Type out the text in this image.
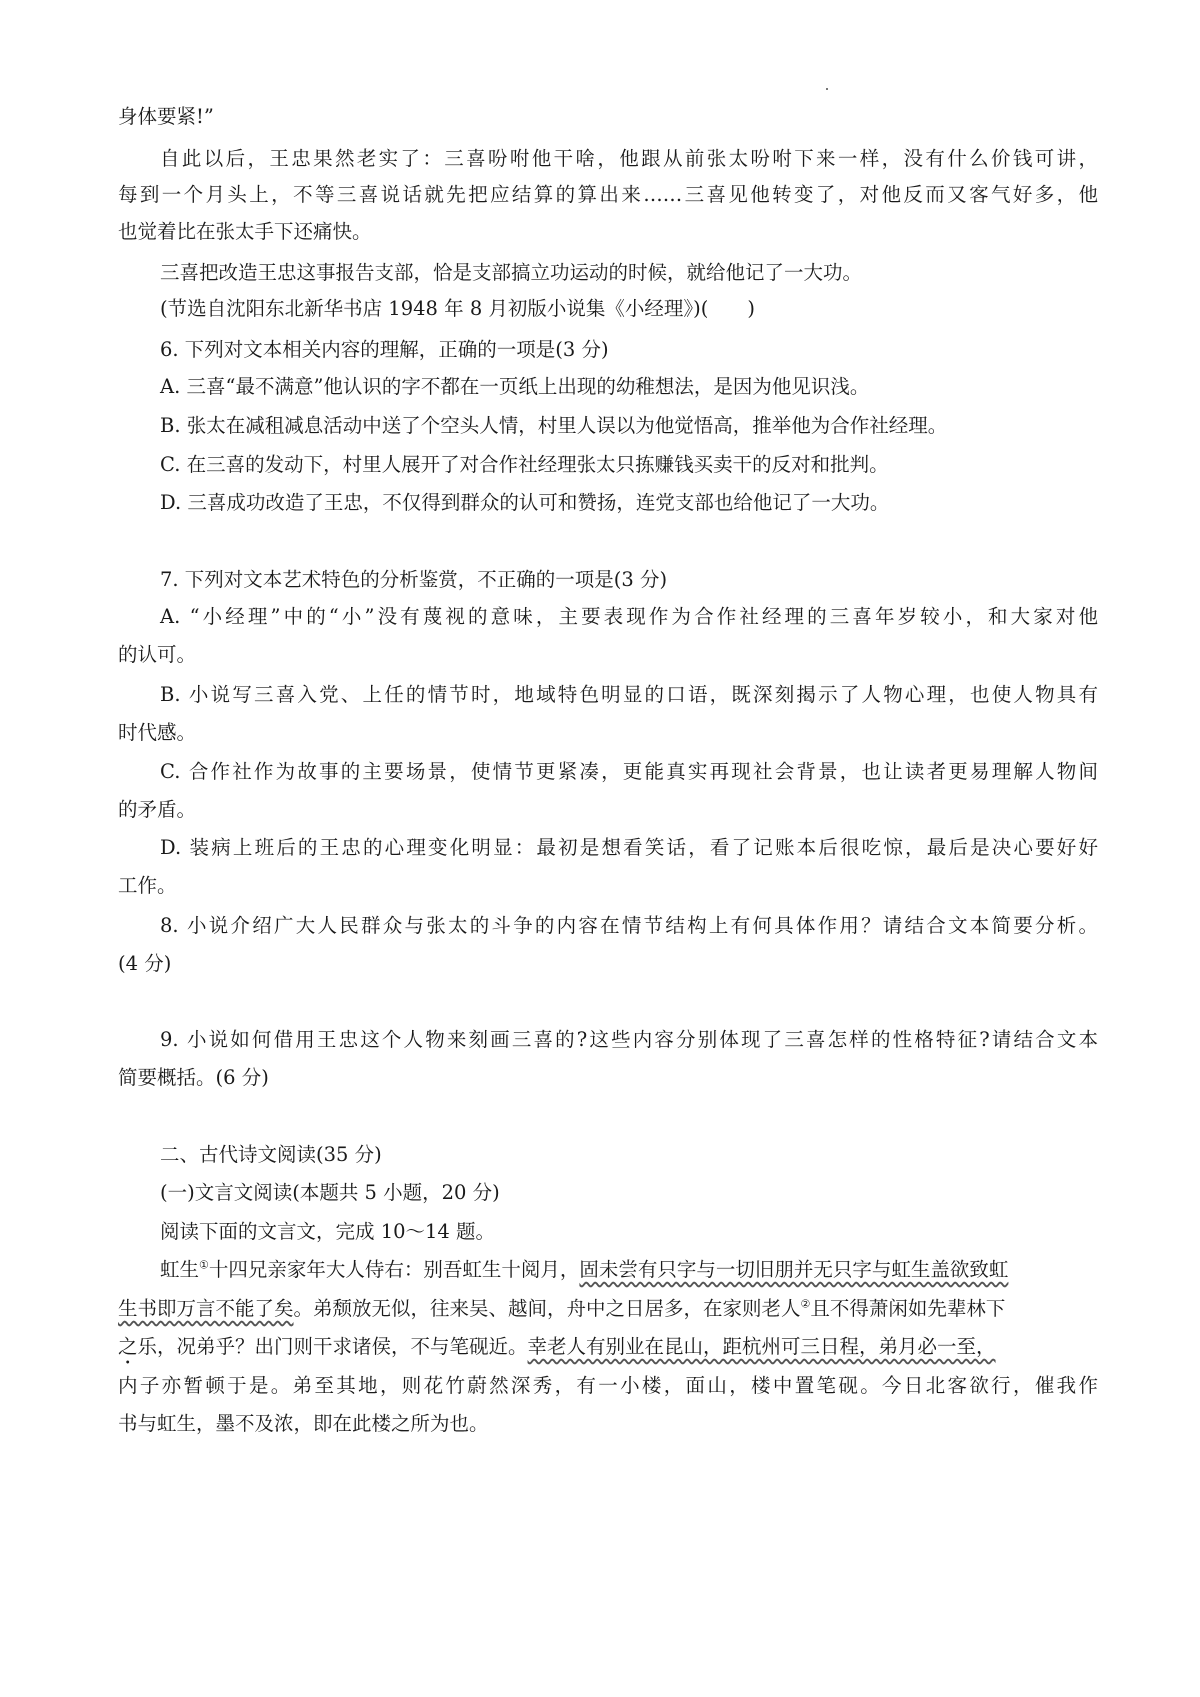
身体要紧!”
自此以后，王忠果然老实了：三喜吩咐他干啥，他跟从前张太吩咐下来一样，没有什么价钱可讲，
每到一个月头上，不等三喜说话就先把应结算的算出来……三喜见他转变了，对他反而又客气好多，他
也觉着比在张太手下还痛快。
三喜把改造王忠这事报告支部，恰是支部搞立功运动的时候，就给他记了一大功。
(节选自沈阳东北新华书店 1948 年 8 月初版小说集《小经理》)(　　)
6. 下列对文本相关内容的理解，正确的一项是(3 分)
A. 三喜“最不满意”他认识的字不都在一页纸上出现的幼稚想法，是因为他见识浅。
B. 张太在减租减息活动中送了个空头人情，村里人误以为他觉悟高，推举他为合作社经理。
C. 在三喜的发动下，村里人展开了对合作社经理张太只拣赚钱买卖干的反对和批判。
D. 三喜成功改造了王忠，不仅得到群众的认可和赞扬，连党支部也给他记了一大功。
7. 下列对文本艺术特色的分析鉴赏，不正确的一项是(3 分)
A. “小经理”中的“小”没有蔑视的意味，主要表现作为合作社经理的三喜年岁较小，和大家对他
的认可。
B. 小说写三喜入党、上任的情节时，地域特色明显的口语，既深刻揭示了人物心理，也使人物具有
时代感。
C. 合作社作为故事的主要场景，使情节更紧凑，更能真实再现社会背景，也让读者更易理解人物间
的矛盾。
D. 装病上班后的王忠的心理变化明显：最初是想看笑话，看了记账本后很吃惊，最后是决心要好好
工作。
8. 小说介绍广大人民群众与张太的斗争的内容在情节结构上有何具体作用？请结合文本简要分析。
(4 分)
9. 小说如何借用王忠这个人物来刻画三喜的?这些内容分别体现了三喜怎样的性格特征?请结合文本
简要概括。(6 分)
二、古代诗文阅读(35 分)
(一)文言文阅读(本题共 5 小题，20 分)
阅读下面的文言文，完成 10～14 题。
虹生①十四兄亲家年大人侍右：别吾虹生十阅月，固未尝有只字与一切旧朋并无只字与虹生盖欲致虹
生书即万言不能了矣。弟颓放无似，往来吴、越间，舟中之日居多，在家则老人②且不得萧闲如先辈林下
之乐，况弟乎？出门则干求诸侯，不与笔砚近。幸老人有别业在昆山，距杭州可三日程，弟月必一至，
内子亦暂顿于是。弟至其地，则花竹蔚然深秀，有一小楼，面山，楼中置笔砚。今日北客欲行，催我作
书与虹生，墨不及浓，即在此楼之所为也。
